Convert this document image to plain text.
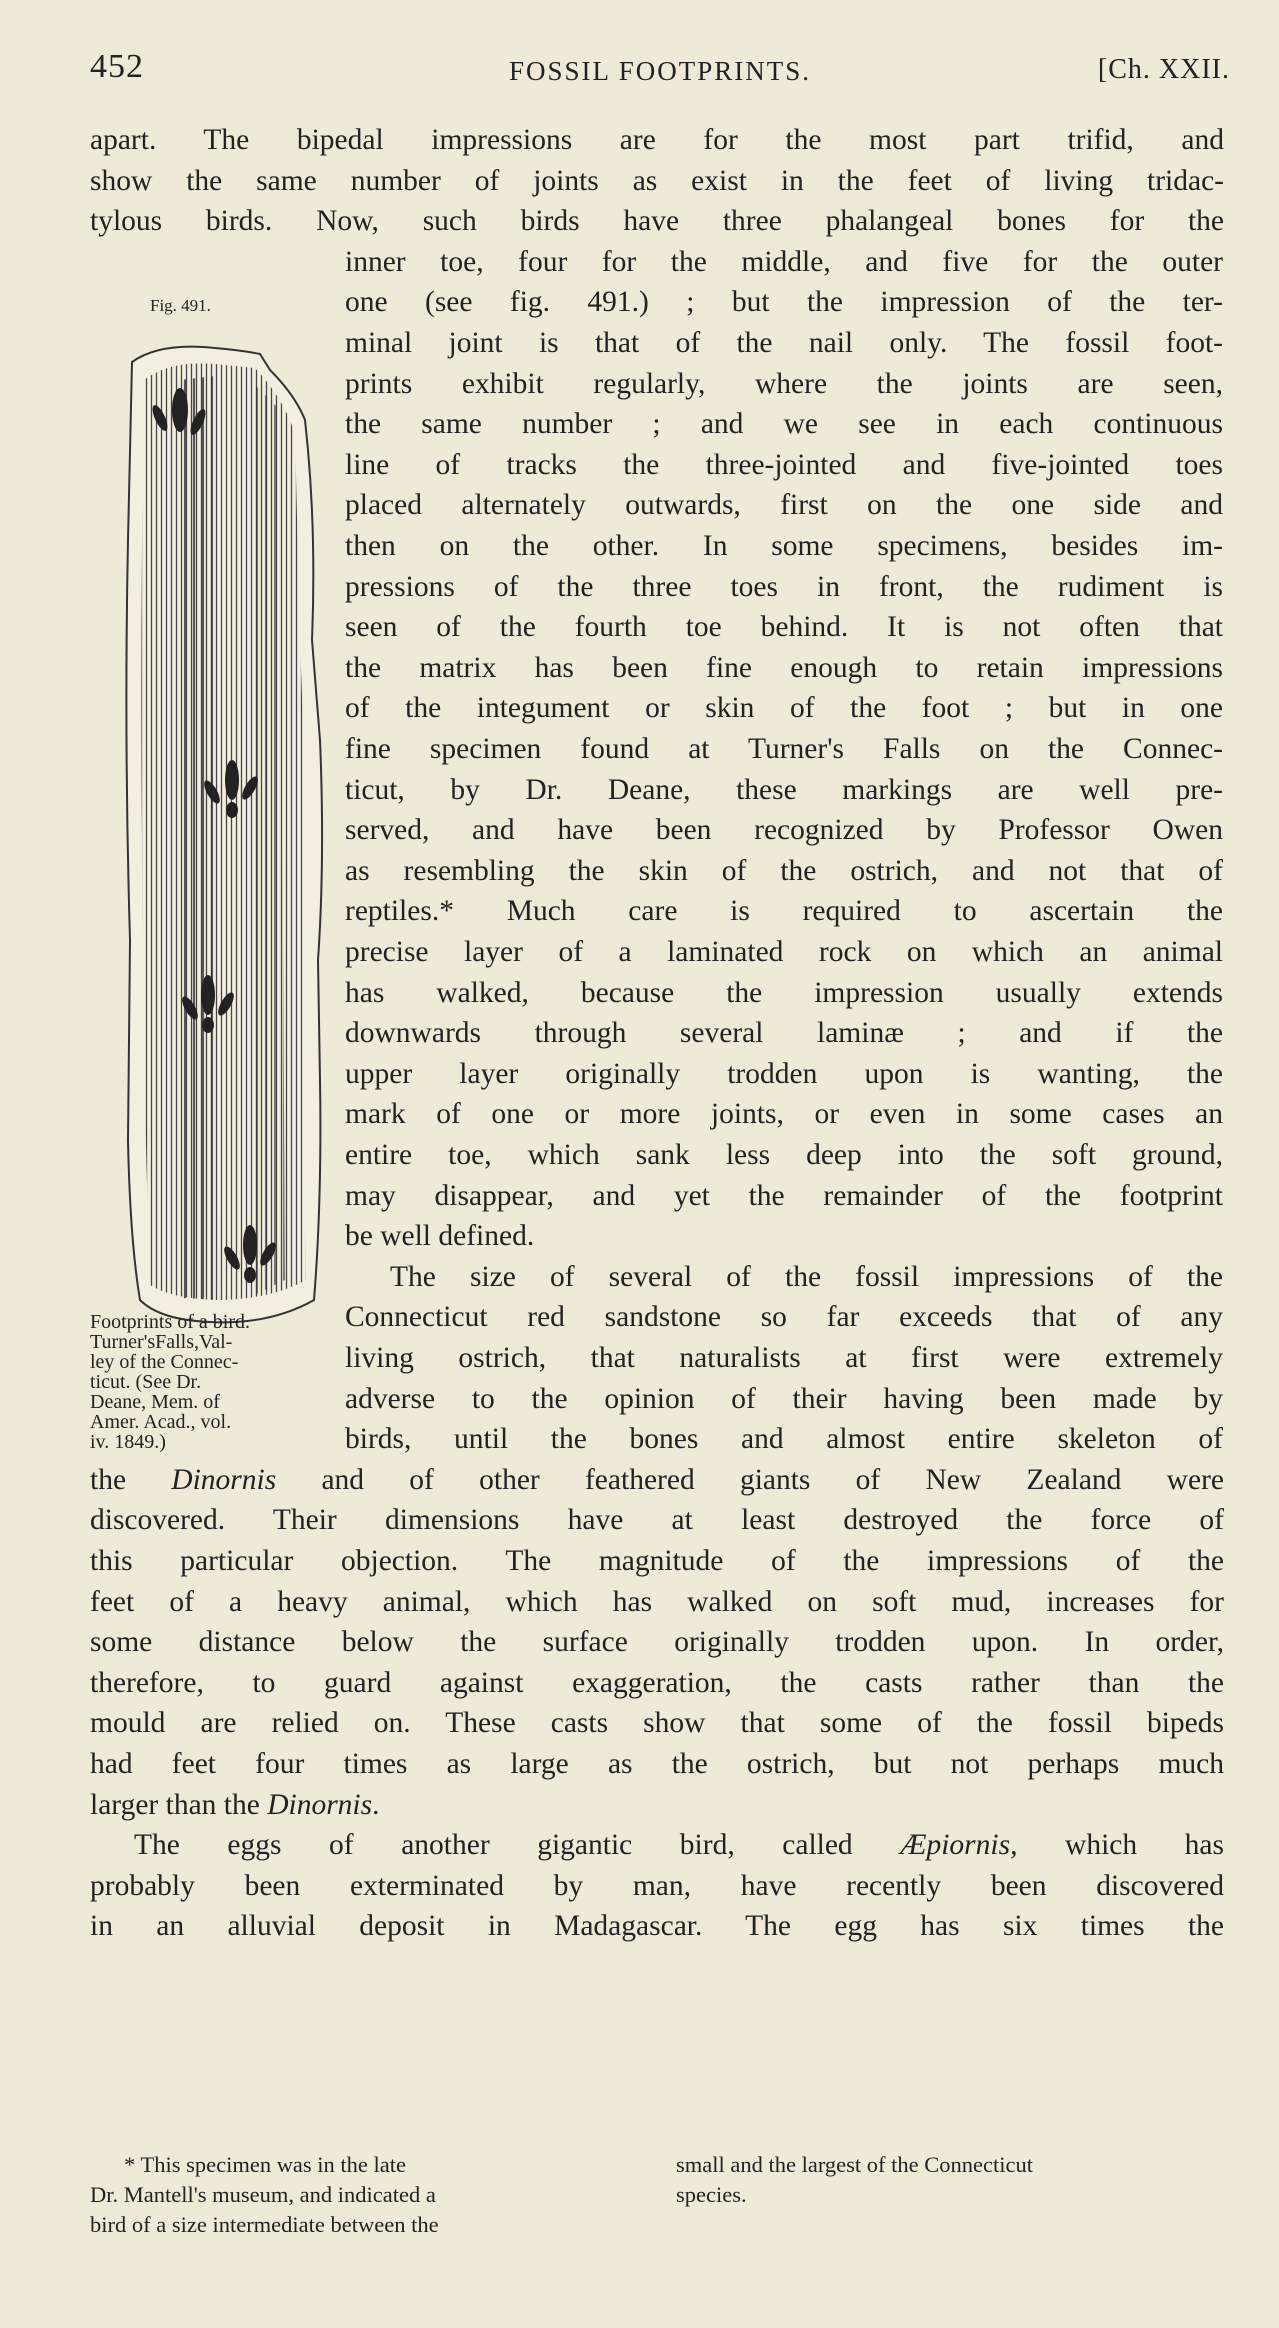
452	FOSSIL FOOTPRINTS.	[Ch. XXII.
Fig. 491.
Footprints of a bird.
Turner'sFalls,Val-
ley of the Connec-
ticut. (See Dr.
Deane, Mem. of
Amer. Acad., vol.
iv. 1849.)
apart. The bipedal impressions are for the most part trifid, and
show the same number of joints as exist in the feet of living tridac-
tylous birds. Now, such birds have three phalangeal bones for the
inner toe, four for the middle, and five for the outer
one (see fig. 491.) ; but the impression of the ter-
minal joint is that of the nail only. The fossil foot-
prints exhibit regularly, where the joints are seen,
the same number ; and we see in each continuous
line of tracks the three-jointed and five-jointed toes
placed alternately outwards, first on the one side and
then on the other. In some specimens, besides im-
pressions of the three toes in front, the rudiment is
seen of the fourth toe behind. It is not often that
the matrix has been fine enough to retain impressions
of the integument or skin of the foot ; but in one
fine specimen found at Turner's Falls on the Connec-
ticut, by Dr. Deane, these markings are well pre-
served, and have been recognized by Professor Owen
as resembling the skin of the ostrich, and not that of
reptiles.* Much care is required to ascertain the
precise layer of a laminated rock on which an animal
has walked, because the impression usually extends
downwards through several laminæ ; and if the
upper layer originally trodden upon is wanting, the
mark of one or more joints, or even in some cases an
entire toe, which sank less deep into the soft ground,
may disappear, and yet the remainder of the footprint
be well defined.
The size of several of the fossil impressions of the
Connecticut red sandstone so far exceeds that of any
living ostrich, that naturalists at first were extremely
adverse to the opinion of their having been made by
birds, until the bones and almost entire skeleton of
the Dinornis and of other feathered giants of New Zealand were
discovered. Their dimensions have at least destroyed the force of
this particular objection. The magnitude of the impressions of the
feet of a heavy animal, which has walked on soft mud, increases for
some distance below the surface originally trodden upon. In order,
therefore, to guard against exaggeration, the casts rather than the
mould are relied on. These casts show that some of the fossil bipeds
had feet four times as large as the ostrich, but not perhaps much
larger than the Dinornis.
The eggs of another gigantic bird, called Æpiornis, which has
probably been exterminated by man, have recently been discovered
in an alluvial deposit in Madagascar. The egg has six times the
* This specimen was in the late
Dr. Mantell's museum, and indicated a
bird of a size intermediate between the
small and the largest of the Connecticut
species.
